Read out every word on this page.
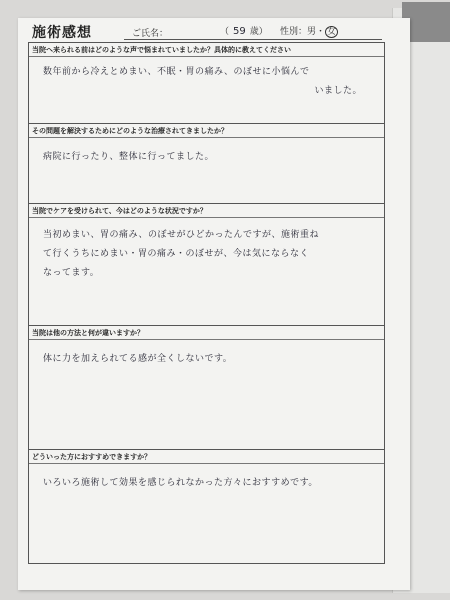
施術感想	ご氏名：	（ 59 歳） 性別：男・ 女
当院へ来られる前はどのような声で悩まれていましたか？具体的に教えてください
数年前から冷えとめまい、不眠・胃の痛み、のぼせに小悩んで
いました。
その問題を解決するためにどのような治療されてきましたか？
病院に行ったり、整体に行ってました。
当院でケアを受けられて、今はどのような状況ですか？
当初めまい、胃の痛み、のぼせがひどかったんですが、施術重ね
て行くうちにめまい・胃の痛み・のぼせが、今は気にならなく
なってます。
当院は他の方法と何が違いますか？
体に力を加えられてる感が全くしないです。
どういった方におすすめできますか？
いろいろ施術して効果を感じられなかった方々におすすめです。
